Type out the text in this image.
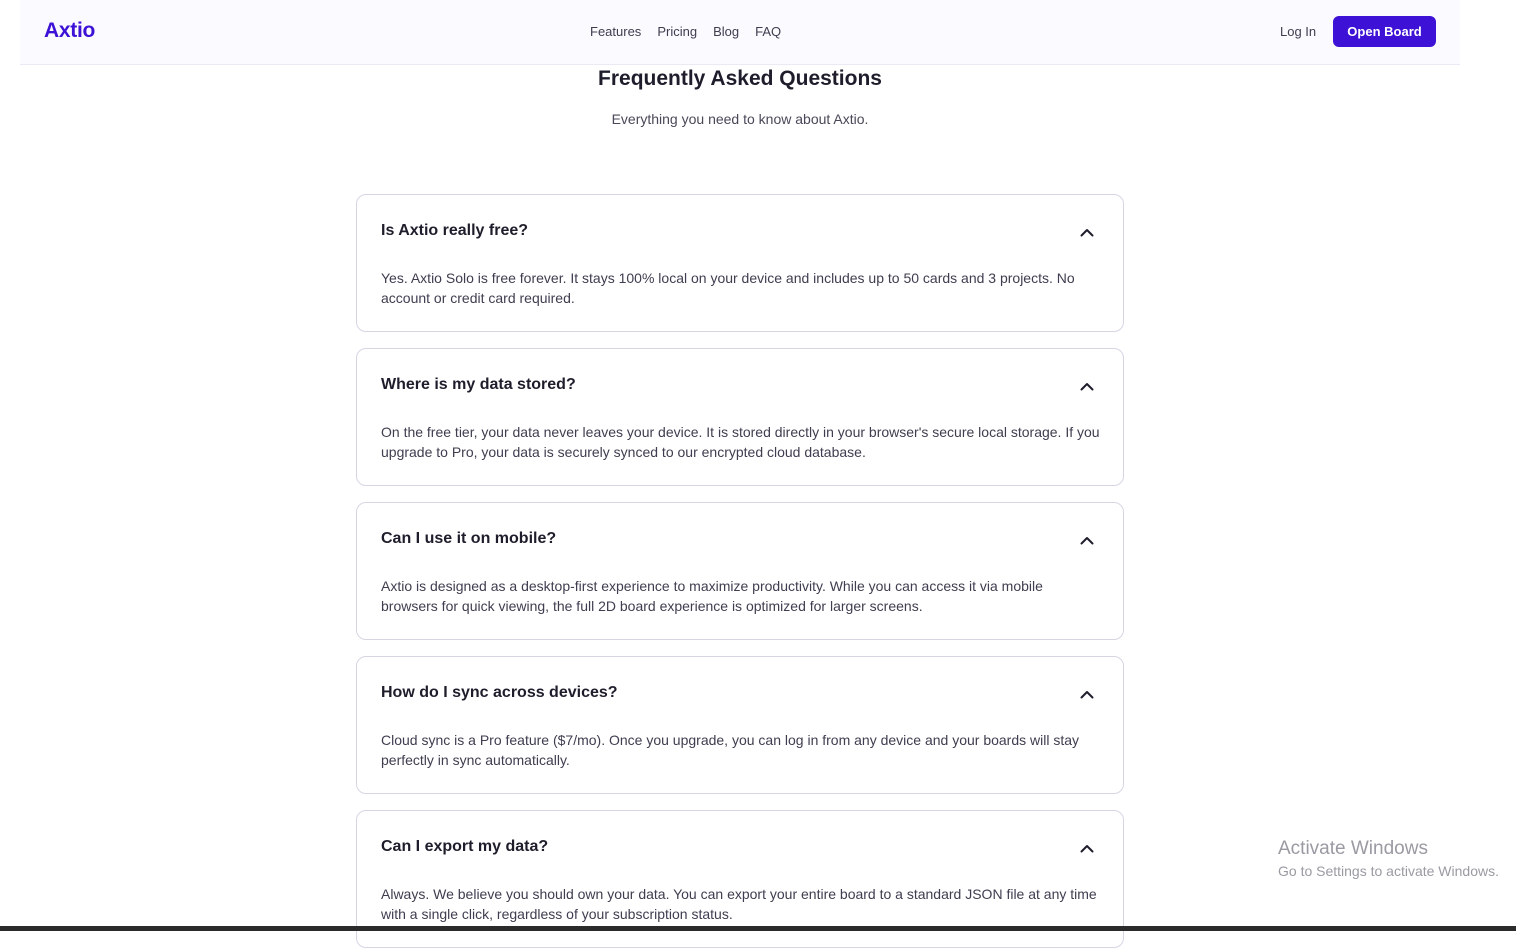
Axtio	Features Pricing Blog FAQ	Log In	Open Board
Frequently Asked Questions

Everything you need to know about Axtio.

Is Axtio really free?

Yes. Axtio Solo is free forever. It stays 100% local on your device and includes up to 50 cards and 3 projects. No account or credit card required.

Where is my data stored?

On the free tier, your data never leaves your device. It is stored directly in your browser's secure local storage. If you upgrade to Pro, your data is securely synced to our encrypted cloud database.

Can I use it on mobile?

Axtio is designed as a desktop-first experience to maximize productivity. While you can access it via mobile browsers for quick viewing, the full 2D board experience is optimized for larger screens.

How do I sync across devices?

Cloud sync is a Pro feature ($7/mo). Once you upgrade, you can log in from any device and your boards will stay perfectly in sync automatically.

Can I export my data?

Always. We believe you should own your data. You can export your entire board to a standard JSON file at any time with a single click, regardless of your subscription status.

Activate Windows
Go to Settings to activate Windows.
